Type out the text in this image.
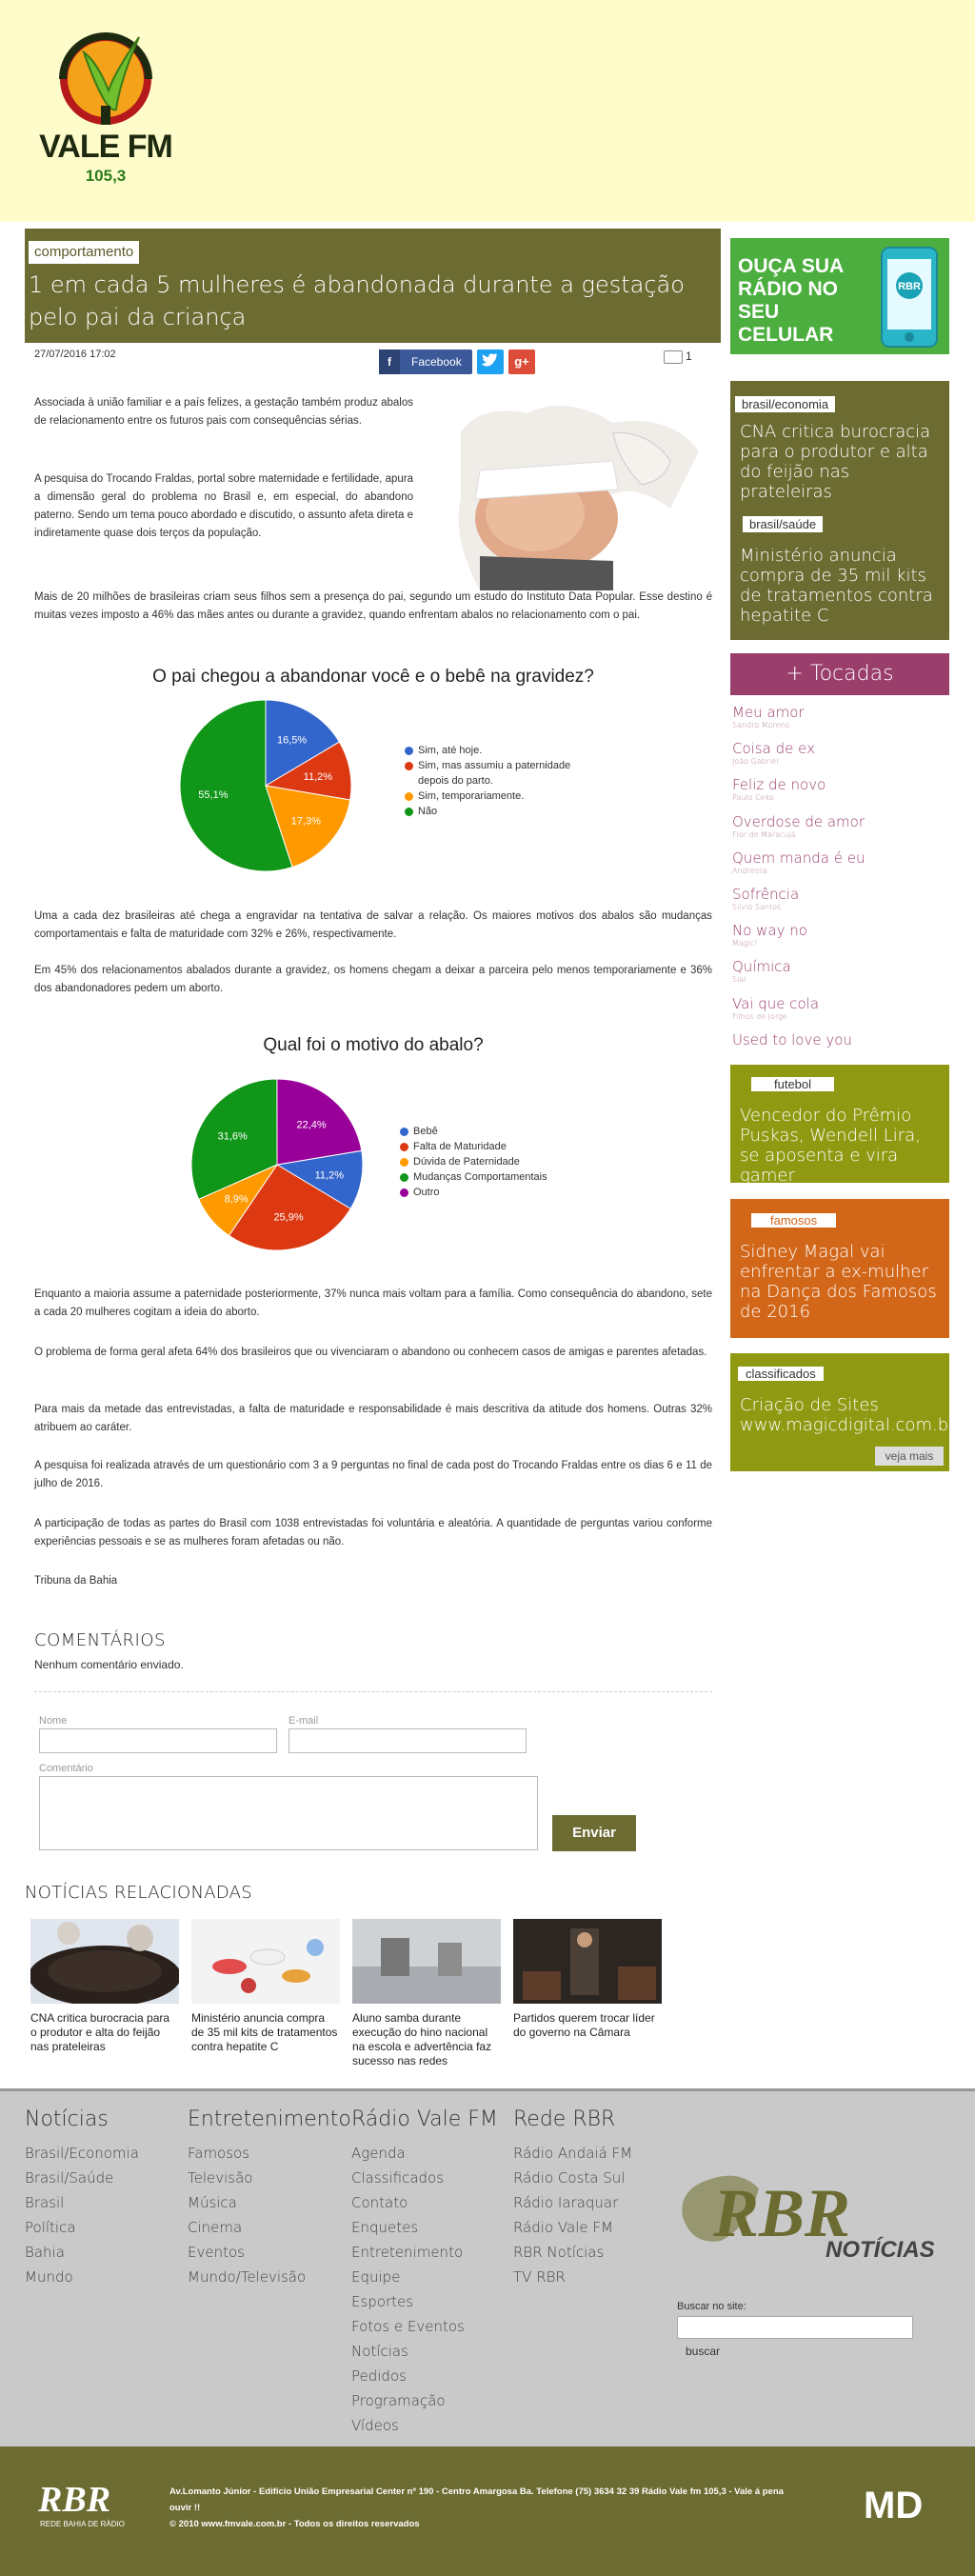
VALE FM
105,3
comportamento
1 em cada 5 mulheres é abandonada durante a gestação pelo pai da criança
27/07/2016 17:02
f Facebook	g+	1

Associada à união familiar e a país felizes, a gestação também produz abalos de relacionamento entre os futuros pais com consequências sérias.

A pesquisa do Trocando Fraldas, portal sobre maternidade e fertilidade, apura a dimensão geral do problema no Brasil e, em especial, do abandono paterno. Sendo um tema pouco abordado e discutido, o assunto afeta direta e indiretamente quase dois terços da população.

Mais de 20 milhões de brasileiras criam seus filhos sem a presença do pai, segundo um estudo do Instituto Data Popular. Esse destino é muitas vezes imposto a 46% das mães antes ou durante a gravidez, quando enfrentam abalos no relacionamento com o pai.

O pai chegou a abandonar você e o bebê na gravidez?
16,5%
11,2%
17,3%
55,1%
Sim, até hoje.
Sim, mas assumiu a paternidade depois do parto.
Sim, temporariamente.
Não

Uma a cada dez brasileiras até chega a engravidar na tentativa de salvar a relação. Os maiores motivos dos abalos são mudanças comportamentais e falta de maturidade com 32% e 26%, respectivamente.

Em 45% dos relacionamentos abalados durante a gravidez, os homens chegam a deixar a parceira pelo menos temporariamente e 36% dos abandonadores pedem um aborto.

Qual foi o motivo do abalo?
11,2%
25,9%
8,9%
31,6%
22,4%
Bebê
Falta de Maturidade
Dúvida de Paternidade
Mudanças Comportamentais
Outro

Enquanto a maioria assume a paternidade posteriormente, 37% nunca mais voltam para a família. Como consequência do abandono, sete a cada 20 mulheres cogitam a ideia do aborto.

O problema de forma geral afeta 64% dos brasileiros que ou vivenciaram o abandono ou conhecem casos de amigas e parentes afetadas.

Para mais da metade das entrevistadas, a falta de maturidade e responsabilidade é mais descritiva da atitude dos homens. Outras 32% atribuem ao caráter.

A pesquisa foi realizada através de um questionário com 3 a 9 perguntas no final de cada post do Trocando Fraldas entre os dias 6 e 11 de julho de 2016.

A participação de todas as partes do Brasil com 1038 entrevistadas foi voluntária e aleatória. A quantidade de perguntas variou conforme experiências pessoais e se as mulheres foram afetadas ou não.

Tribuna da Bahia

COMENTÁRIOS
Nenhum comentário enviado.
Nome	E-mail
Comentário
Enviar
NOTÍCIAS RELACIONADAS
CNA critica burocracia para o produtor e alta do feijão nas prateleiras
Ministério anuncia compra de 35 mil kits de tratamentos contra hepatite C
Aluno samba durante execução do hino nacional na escola e advertência faz sucesso nas redes
Partidos querem trocar líder do governo na Câmara
OUÇA SUA RÁDIO NO SEU CELULAR
RBR
brasil/economia
CNA critica burocracia para o produtor e alta do feijão nas prateleiras
brasil/saúde
Ministério anuncia compra de 35 mil kits de tratamentos contra hepatite C
+ Tocadas
Meu amor
Sandro Moreno
Coisa de ex
João Gabriel
Feliz de novo
Paulo Ceko
Overdose de amor
Flor de Maracujá
Quem manda é eu
Andressa
Sofrência
Silvio Santos
No way no
Magic!
Química
Sial
Vai que cola
Filhos de Jorge
Used to love you
futebol
Vencedor do Prêmio Puskas, Wendell Lira, se aposenta e vira gamer
famosos
Sidney Magal vai enfrentar a ex-mulher na Dança dos Famosos de 2016
classificados
Criação de Sites www.magicdigital.com.br
veja mais
Notícias
Brasil/Economia
Brasil/Saúde
Brasil
Política
Bahia
Mundo
Entretenimento
Famosos
Televisão
Música
Cinema
Eventos
Mundo/Televisão
Rádio Vale FM
Agenda
Classificados
Contato
Enquetes
Entretenimento
Equipe
Esportes
Fotos e Eventos
Notícias
Pedidos
Programação
Vídeos
Rede RBR
Rádio Andaiá FM
Rádio Costa Sul
Rádio Iaraquar
Rádio Vale FM
RBR Notícias
TV RBR
RBR
NOTÍCIAS
Buscar no site:
buscar
RBR
REDE BAHIA DE RÁDIO
Av.Lomanto Júnior - Edifício União Empresarial Center nº 190 - Centro Amargosa Ba. Telefone (75) 3634 32 39 Rádio Vale fm 105,3 - Vale á pena ouvir !!
© 2010 www.fmvale.com.br - Todos os direitos reservados	MD
